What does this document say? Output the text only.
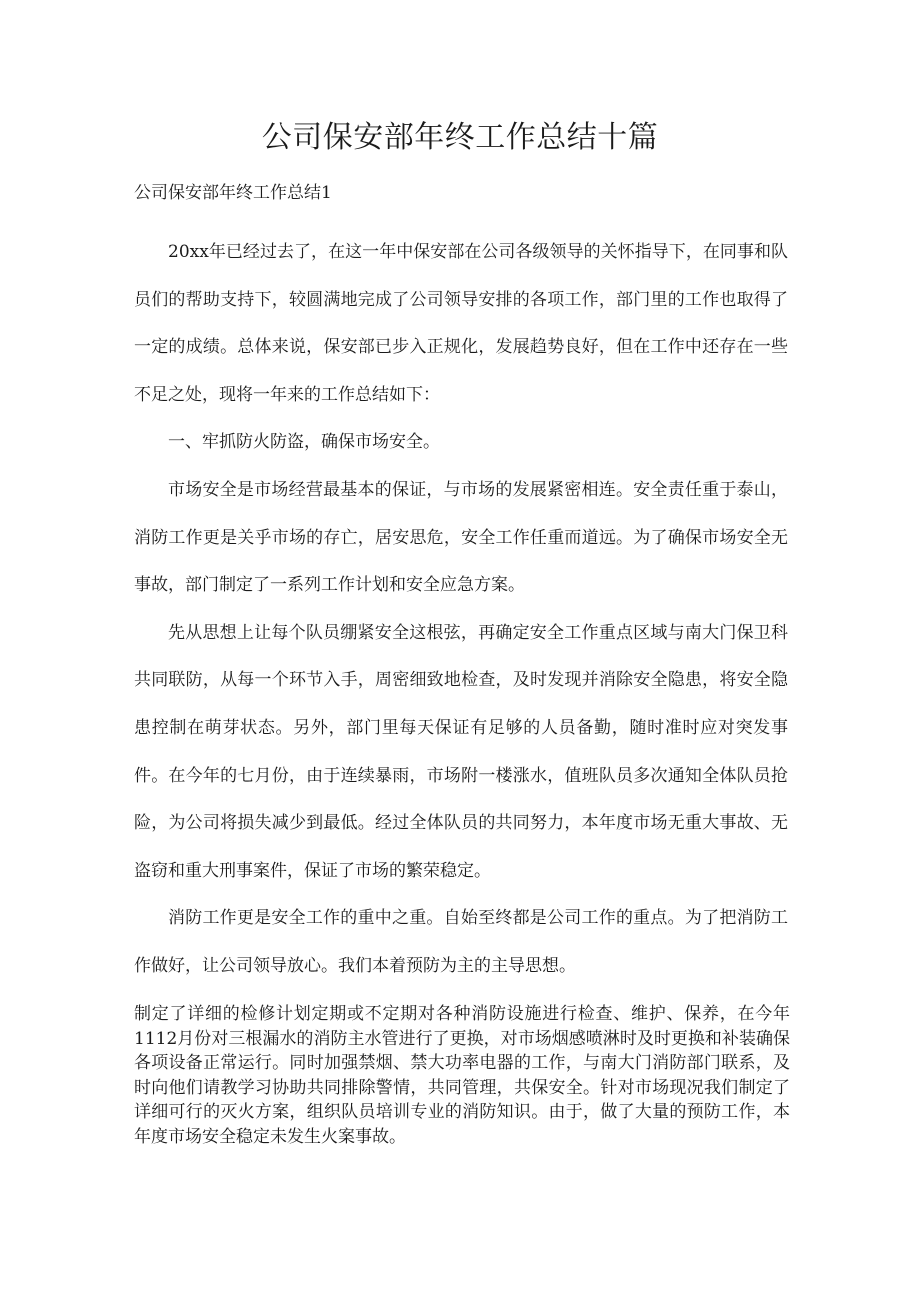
公司保安部年终工作总结十篇
公司保安部年终工作总结1

20xx年已经过去了，在这一年中保安部在公司各级领导的关怀指导下，在同事和队员们的帮助支持下，较圆满地完成了公司领导安排的各项工作，部门里的工作也取得了一定的成绩。总体来说，保安部已步入正规化，发展趋势良好，但在工作中还存在一些不足之处，现将一年来的工作总结如下：

一、牢抓防火防盗，确保市场安全。

市场安全是市场经营最基本的保证，与市场的发展紧密相连。安全责任重于泰山，消防工作更是关乎市场的存亡，居安思危，安全工作任重而道远。为了确保市场安全无事故，部门制定了一系列工作计划和安全应急方案。

先从思想上让每个队员绷紧安全这根弦，再确定安全工作重点区域与南大门保卫科共同联防，从每一个环节入手，周密细致地检查，及时发现并消除安全隐患，将安全隐患控制在萌芽状态。另外，部门里每天保证有足够的人员备勤，随时准时应对突发事件。在今年的七月份，由于连续暴雨，市场附一楼涨水，值班队员多次通知全体队员抢险，为公司将损失减少到最低。经过全体队员的共同努力，本年度市场无重大事故、无盗窃和重大刑事案件，保证了市场的繁荣稳定。

消防工作更是安全工作的重中之重。自始至终都是公司工作的重点。为了把消防工作做好，让公司领导放心。我们本着预防为主的主导思想。

制定了详细的检修计划定期或不定期对各种消防设施进行检查、维护、保养，在今年1112月份对三根漏水的消防主水管进行了更换，对市场烟感喷淋时及时更换和补装确保各项设备正常运行。同时加强禁烟、禁大功率电器的工作，与南大门消防部门联系，及时向他们请教学习协助共同排除警情，共同管理，共保安全。针对市场现况我们制定了详细可行的灭火方案，组织队员培训专业的消防知识。由于，做了大量的预防工作，本年度市场安全稳定未发生火案事故。
